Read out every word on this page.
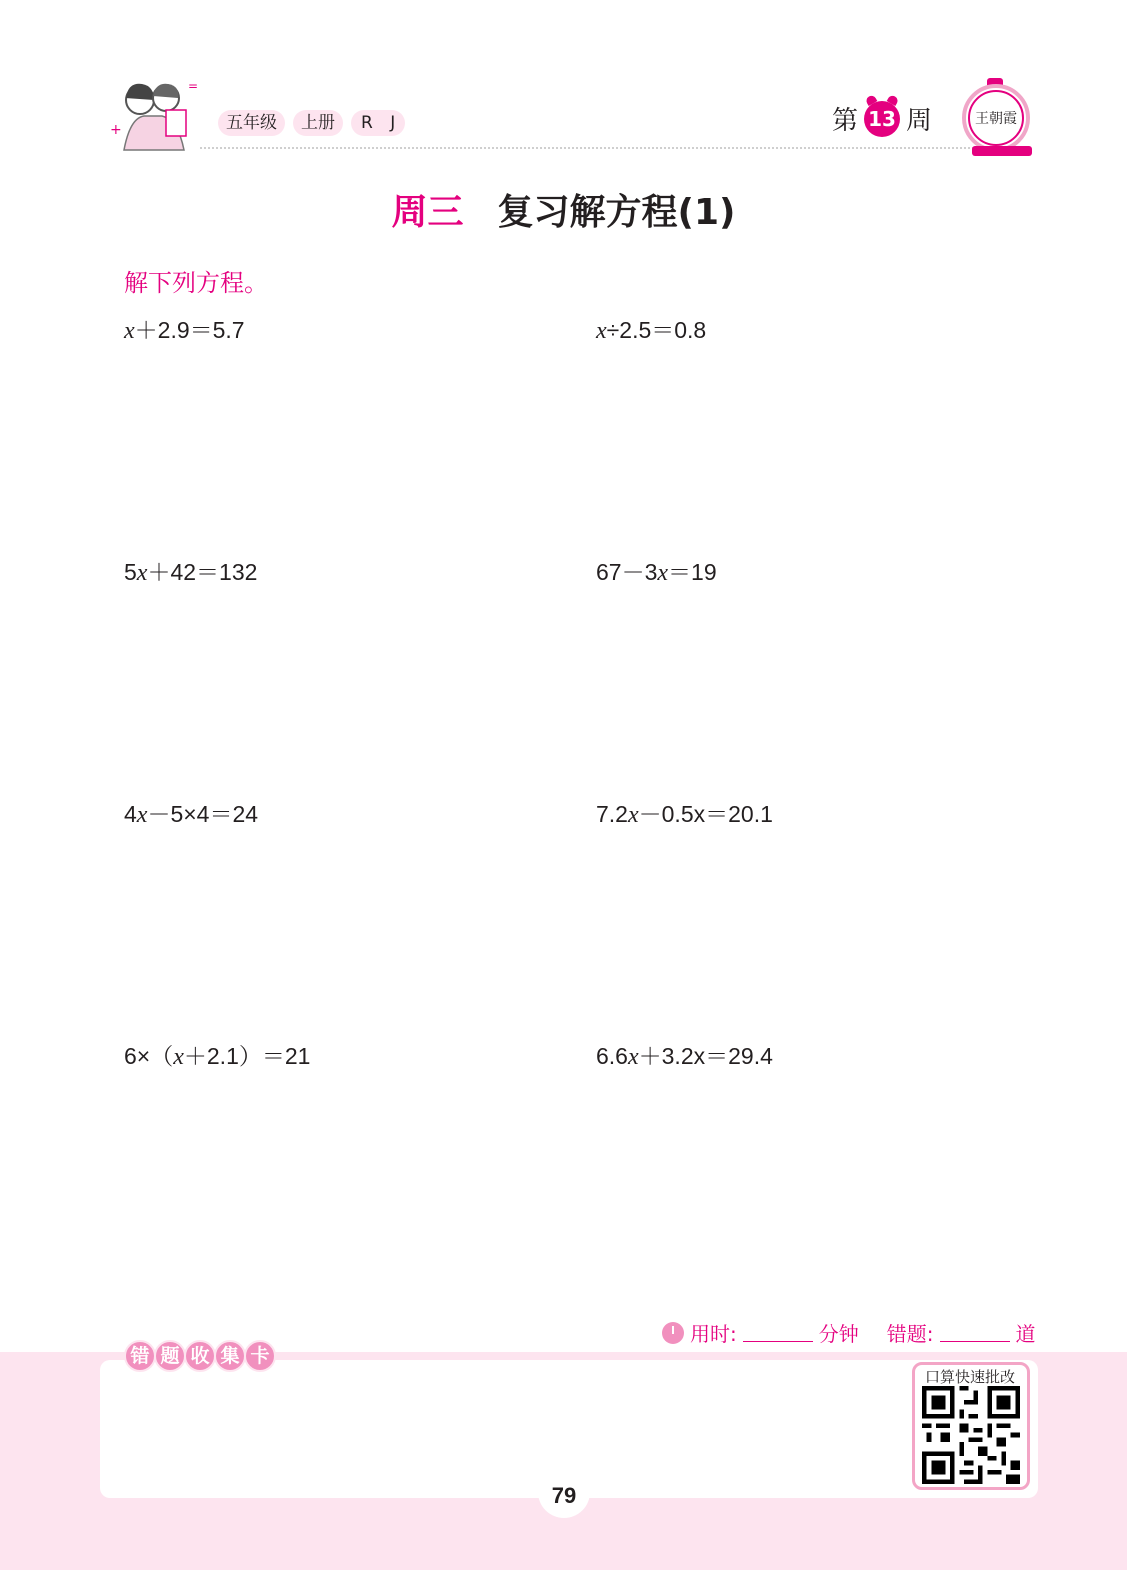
+
=
五年级	上册	R J	第 13 周	王朝霞
周三 复习解方程(1)
解下列方程。
x＋2.9＝5.7	x÷2.5＝0.8
5x＋42＝132	67－3x＝19
4x－5×4＝24	7.2x－0.5x＝20.1
6×（x＋2.1）＝21	6.6x＋3.2x＝29.4
用时:	分钟 错题:	道
错 题 收 集 卡
口算快速批改
79
